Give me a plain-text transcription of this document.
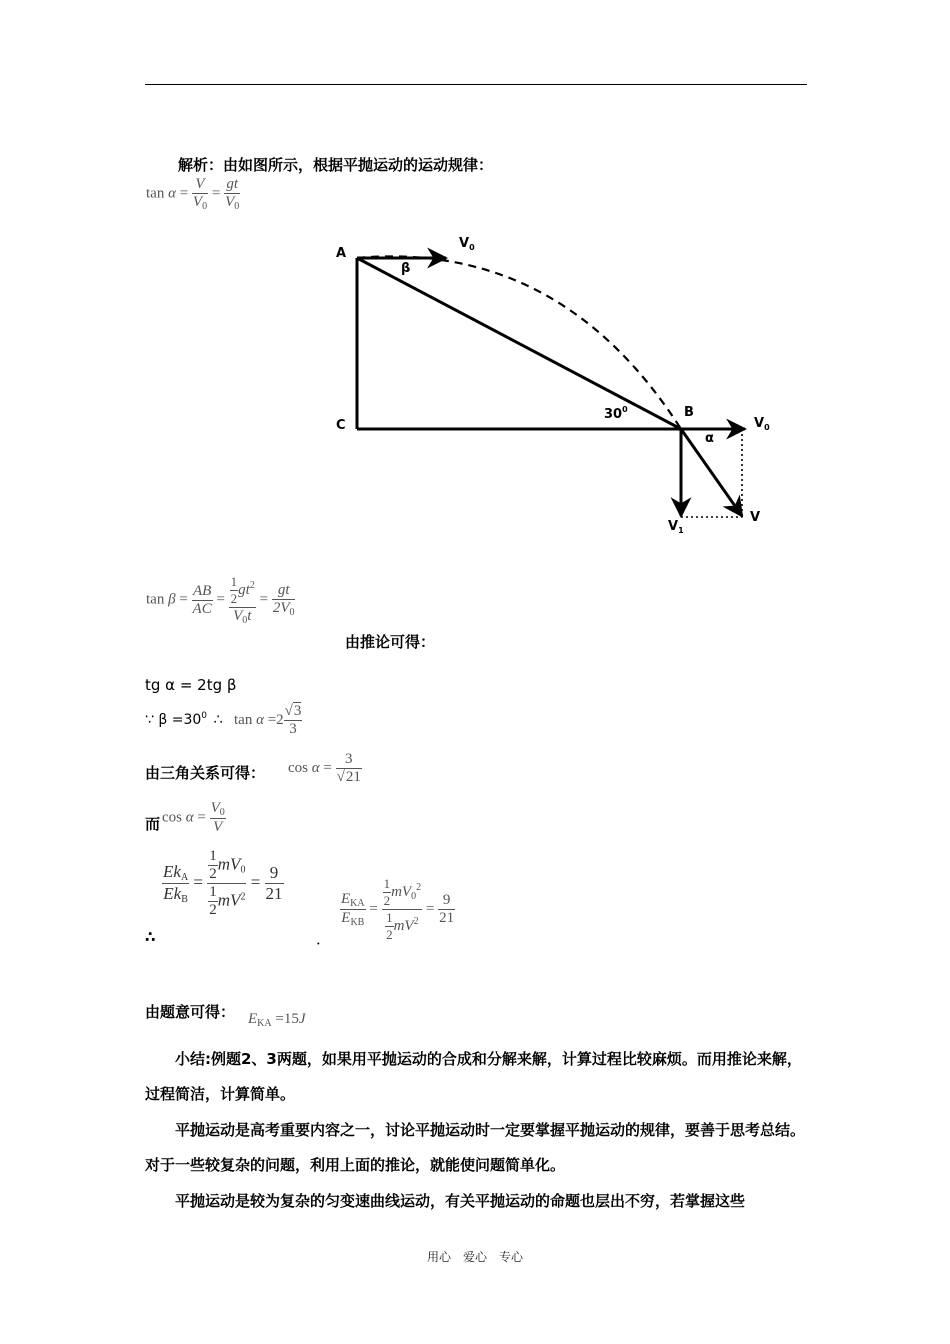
解析：由如图所示，根据平抛运动的运动规律：
$\tan \alpha = \frac{V}{V_0} = \frac{gt}{V_0}$
A
C
B
β
α
$30^0$
$V_0$
$V_0$
$V_1$
V
$\tan \beta = \frac{AB}{AC} = \frac{\frac{1}{2} gt^2}{V_0t} = \frac{gt}{2V_0}$
由推论可得：
tg α = 2tg β
∵ $\beta =30^0$ ∴ $\tan \alpha =2 \frac{√3}{3}$
由三角关系可得： $\cos \alpha = \frac{3}{√21}$
而 $\cos \alpha = \frac{V_0}{V}$
∴
$\frac{Ek_A}{Ek_B} = \frac{\frac{1}{2} mV_0}{\frac{1}{2} mV^2} = \frac{9}{21}$
．
$\frac{E_{KA}}{E_{KB}} = \frac{\frac{1}{2} mV_0^2}{\frac{1}{2} mV^2} = \frac{9}{21}$
由题意可得： $E_{KA} =15J$
小结:例题2、3两题，如果用平抛运动的合成和分解来解，计算过程比较麻烦。而用推论来解，过程简洁，计算简单。
平抛运动是高考重要内容之一，讨论平抛运动时一定要掌握平抛运动的规律，要善于思考总结。对于一些较复杂的问题，利用上面的推论，就能使问题简单化。
平抛运动是较为复杂的匀变速曲线运动，有关平抛运动的命题也层出不穷，若掌握这些
用心　爱心　专心
